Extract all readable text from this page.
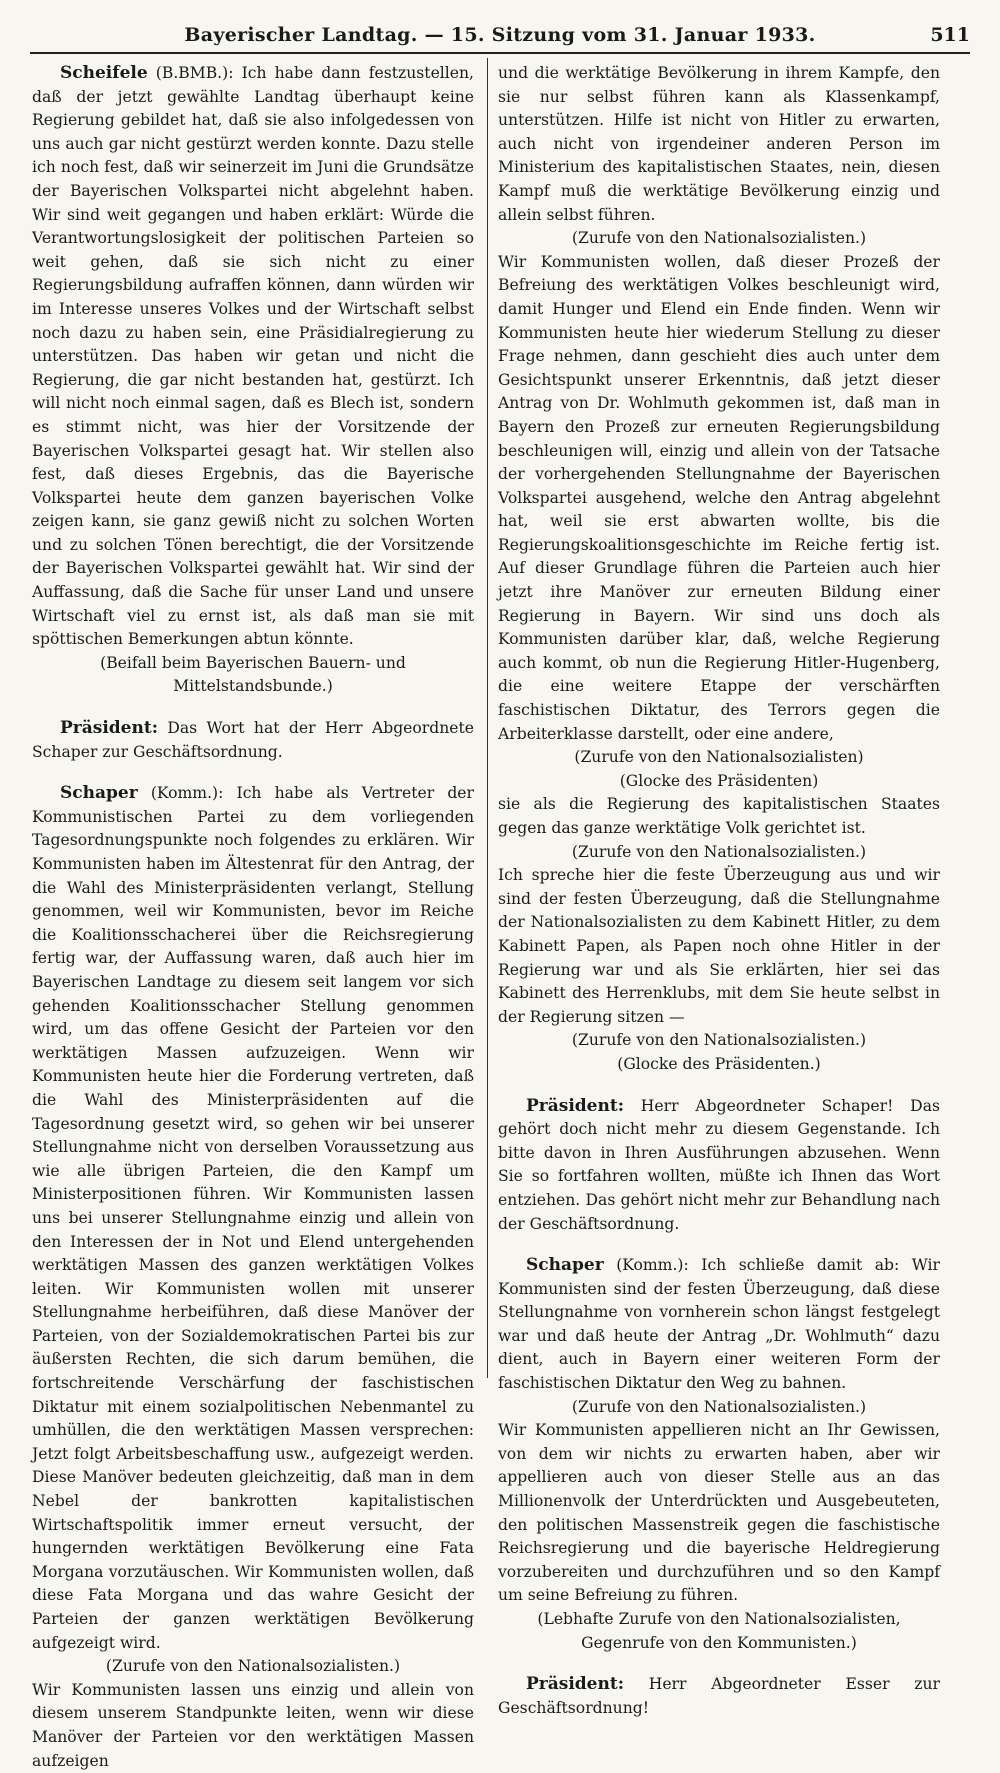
Bayerischer Landtag. — 15. Sitzung vom 31. Januar 1933.	511

Scheifele (B.BMB.): Ich habe dann festzustellen, daß der jetzt gewählte Landtag überhaupt keine Regierung gebildet hat, daß sie also infolgedessen von uns auch gar nicht gestürzt werden konnte. Dazu stelle ich noch fest, daß wir seinerzeit im Juni die Grundsätze der Bayerischen Volkspartei nicht abgelehnt haben. Wir sind weit gegangen und haben erklärt: Würde die Verantwortungslosigkeit der politischen Parteien so weit gehen, daß sie sich nicht zu einer Regierungsbildung aufraffen können, dann würden wir im Interesse unseres Volkes und der Wirtschaft selbst noch dazu zu haben sein, eine Präsidialregierung zu unterstützen. Das haben wir getan und nicht die Regierung, die gar nicht bestanden hat, gestürzt. Ich will nicht noch einmal sagen, daß es Blech ist, sondern es stimmt nicht, was hier der Vorsitzende der Bayerischen Volkspartei gesagt hat. Wir stellen also fest, daß dieses Ergebnis, das die Bayerische Volkspartei heute dem ganzen bayerischen Volke zeigen kann, sie ganz gewiß nicht zu solchen Worten und zu solchen Tönen berechtigt, die der Vorsitzende der Bayerischen Volkspartei gewählt hat. Wir sind der Auffassung, daß die Sache für unser Land und unsere Wirtschaft viel zu ernst ist, als daß man sie mit spöttischen Bemerkungen abtun könnte.

(Beifall beim Bayerischen Bauern- und Mittelstandsbunde.)

Präsident: Das Wort hat der Herr Abgeordnete Schaper zur Geschäftsordnung.

Schaper (Komm.): Ich habe als Vertreter der Kommunistischen Partei zu dem vorliegenden Tagesordnungspunkte noch folgendes zu erklären. Wir Kommunisten haben im Ältestenrat für den Antrag, der die Wahl des Ministerpräsidenten verlangt, Stellung genommen, weil wir Kommunisten, bevor im Reiche die Koalitionsschacherei über die Reichsregierung fertig war, der Auffassung waren, daß auch hier im Bayerischen Landtage zu diesem seit langem vor sich gehenden Koalitionsschacher Stellung genommen wird, um das offene Gesicht der Parteien vor den werktätigen Massen aufzuzeigen. Wenn wir Kommunisten heute hier die Forderung vertreten, daß die Wahl des Ministerpräsidenten auf die Tagesordnung gesetzt wird, so gehen wir bei unserer Stellungnahme nicht von derselben Voraussetzung aus wie alle übrigen Parteien, die den Kampf um Ministerpositionen führen. Wir Kommunisten lassen uns bei unserer Stellungnahme einzig und allein von den Interessen der in Not und Elend untergehenden werktätigen Massen des ganzen werktätigen Volkes leiten. Wir Kommunisten wollen mit unserer Stellungnahme herbeiführen, daß diese Manöver der Parteien, von der Sozialdemokratischen Partei bis zur äußersten Rechten, die sich darum bemühen, die fortschreitende Verschärfung der faschistischen Diktatur mit einem sozialpolitischen Nebenmantel zu umhüllen, die den werktätigen Massen versprechen: Jetzt folgt Arbeitsbeschaffung usw., aufgezeigt werden. Diese Manöver bedeuten gleichzeitig, daß man in dem Nebel der bankrotten kapitalistischen Wirtschaftspolitik immer erneut versucht, der hungernden werktätigen Bevölkerung eine Fata Morgana vorzutäuschen. Wir Kommunisten wollen, daß diese Fata Morgana und das wahre Gesicht der Parteien der ganzen werktätigen Bevölkerung aufgezeigt wird.

(Zurufe von den Nationalsozialisten.)

Wir Kommunisten lassen uns einzig und allein von diesem unserem Standpunkte leiten, wenn wir diese Manöver der Parteien vor den werktätigen Massen aufzeigen

und die werktätige Bevölkerung in ihrem Kampfe, den sie nur selbst führen kann als Klassenkampf, unterstützen. Hilfe ist nicht von Hitler zu erwarten, auch nicht von irgendeiner anderen Person im Ministerium des kapitalistischen Staates, nein, diesen Kampf muß die werktätige Bevölkerung einzig und allein selbst führen.

(Zurufe von den Nationalsozialisten.)

Wir Kommunisten wollen, daß dieser Prozeß der Befreiung des werktätigen Volkes beschleunigt wird, damit Hunger und Elend ein Ende finden. Wenn wir Kommunisten heute hier wiederum Stellung zu dieser Frage nehmen, dann geschieht dies auch unter dem Gesichtspunkt unserer Erkenntnis, daß jetzt dieser Antrag von Dr. Wohlmuth gekommen ist, daß man in Bayern den Prozeß zur erneuten Regierungsbildung beschleunigen will, einzig und allein von der Tatsache der vorhergehenden Stellungnahme der Bayerischen Volkspartei ausgehend, welche den Antrag abgelehnt hat, weil sie erst abwarten wollte, bis die Regierungskoalitionsgeschichte im Reiche fertig ist. Auf dieser Grundlage führen die Parteien auch hier jetzt ihre Manöver zur erneuten Bildung einer Regierung in Bayern. Wir sind uns doch als Kommunisten darüber klar, daß, welche Regierung auch kommt, ob nun die Regierung Hitler-Hugenberg, die eine weitere Etappe der verschärften faschistischen Diktatur, des Terrors gegen die Arbeiterklasse darstellt, oder eine andere,

(Zurufe von den Nationalsozialisten)

(Glocke des Präsidenten)

sie als die Regierung des kapitalistischen Staates gegen das ganze werktätige Volk gerichtet ist.

(Zurufe von den Nationalsozialisten.)

Ich spreche hier die feste Überzeugung aus und wir sind der festen Überzeugung, daß die Stellungnahme der Nationalsozialisten zu dem Kabinett Hitler, zu dem Kabinett Papen, als Papen noch ohne Hitler in der Regierung war und als Sie erklärten, hier sei das Kabinett des Herrenklubs, mit dem Sie heute selbst in der Regierung sitzen —

(Zurufe von den Nationalsozialisten.)

(Glocke des Präsidenten.)

Präsident: Herr Abgeordneter Schaper! Das gehört doch nicht mehr zu diesem Gegenstande. Ich bitte davon in Ihren Ausführungen abzusehen. Wenn Sie so fortfahren wollten, müßte ich Ihnen das Wort entziehen. Das gehört nicht mehr zur Behandlung nach der Geschäftsordnung.

Schaper (Komm.): Ich schließe damit ab: Wir Kommunisten sind der festen Überzeugung, daß diese Stellungnahme von vornherein schon längst festgelegt war und daß heute der Antrag „Dr. Wohlmuth“ dazu dient, auch in Bayern einer weiteren Form der faschistischen Diktatur den Weg zu bahnen.

(Zurufe von den Nationalsozialisten.)

Wir Kommunisten appellieren nicht an Ihr Gewissen, von dem wir nichts zu erwarten haben, aber wir appellieren auch von dieser Stelle aus an das Millionenvolk der Unterdrückten und Ausgebeuteten, den politischen Massenstreik gegen die faschistische Reichsregierung und die bayerische Heldregierung vorzubereiten und durchzuführen und so den Kampf um seine Befreiung zu führen.

(Lebhafte Zurufe von den Nationalsozialisten, Gegenrufe von den Kommunisten.)

Präsident: Herr Abgeordneter Esser zur Geschäftsordnung!
